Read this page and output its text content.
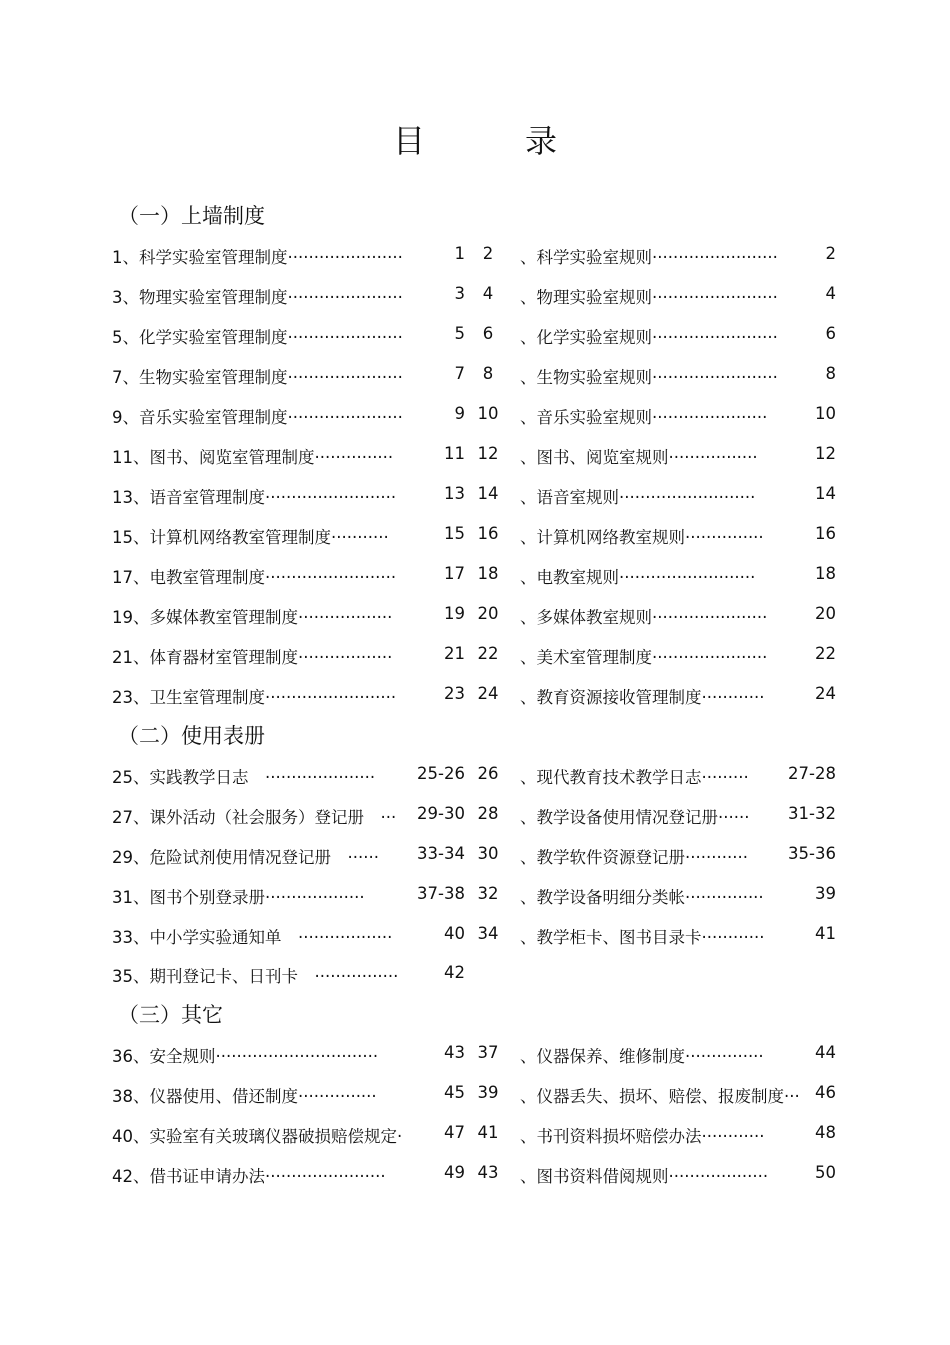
目	录
（一）上墙制度
1、科学实验室管理制度······················	1	2	、科学实验室规则························	2
3、物理实验室管理制度······················	3	4	、物理实验室规则························	4
5、化学实验室管理制度······················	5	6	、化学实验室规则························	6
7、生物实验室管理制度······················	7	8	、生物实验室规则························	8
9、音乐实验室管理制度······················	9 10	、音乐实验室规则······················	10
11、图书、阅览室管理制度···············	11 12	、图书、阅览室规则·················	12
13、语音室管理制度·························	13 14	、语音室规则··························	14
15、计算机网络教室管理制度···········	15 16	、计算机网络教室规则···············	16
17、电教室管理制度·························	17 18	、电教室规则··························	18
19、多媒体教室管理制度··················	19 20	、多媒体教室规则······················	20
21、体育器材室管理制度··················	21 22	、美术室管理制度······················	22
23、卫生室管理制度·························	23 24	、教育资源接收管理制度············	24
（二）使用表册
25、实践教学日志　·····················	25-26 26	、现代教育技术教学日志········· 27-28
27、课外活动（社会服务）登记册　··· 29-30 28	、教学设备使用情况登记册······ 31-32
29、危险试剂使用情况登记册　······ 33-34 30	、教学软件资源登记册············ 35-36
31、图书个别登录册···················	37-38 32	、教学设备明细分类帐···············	39
33、中小学实验通知单　··················	40 34	、教学柜卡、图书目录卡············	41
35、期刊登记卡、日刊卡　················	42
（三）其它
36、安全规则·······························	43 37	、仪器保养、维修制度···············	44
38、仪器使用、借还制度···············	45 39	、仪器丢失、损坏、赔偿、报废制度··· 46
40、实验室有关玻璃仪器破损赔偿规定·	47 41	、书刊资料损坏赔偿办法············	48
42、借书证申请办法·······················	49 43	、图书资料借阅规则···················	50
